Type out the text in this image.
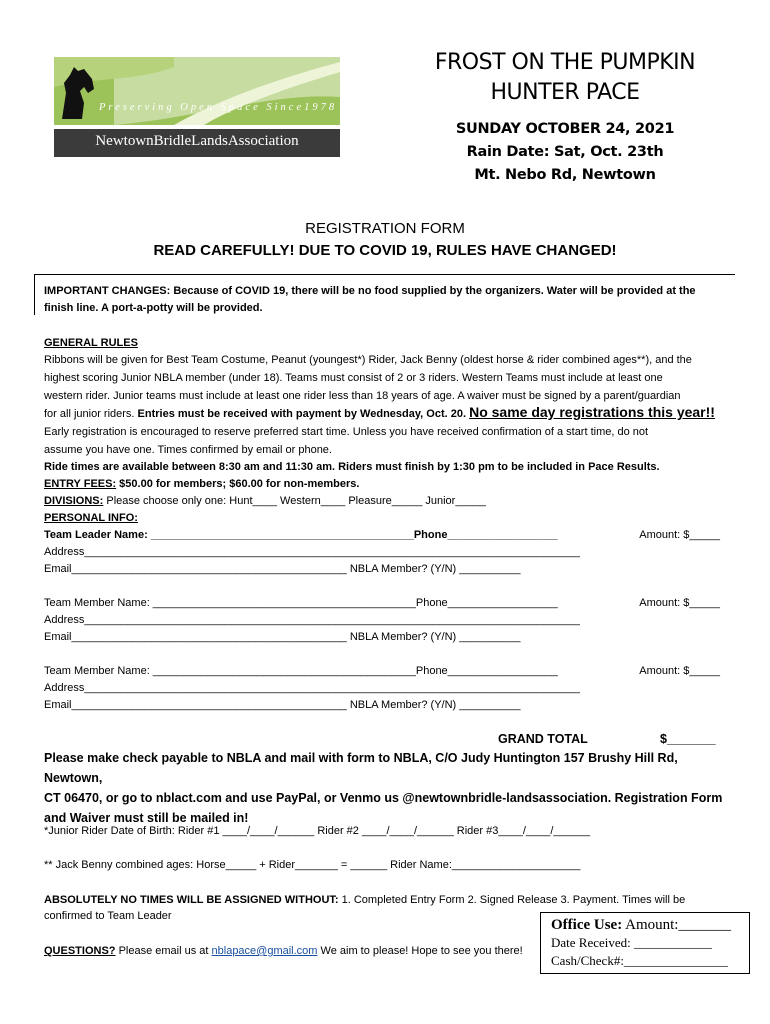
Preserving Open Space Since1978
NewtownBridleLandsAssociation
FROST ON THE PUMPKIN
HUNTER PACE
SUNDAY OCTOBER 24, 2021
Rain Date: Sat, Oct. 23th
Mt. Nebo Rd, Newtown
REGISTRATION FORM
READ CAREFULLY! DUE TO COVID 19, RULES HAVE CHANGED!
IMPORTANT CHANGES: Because of COVID 19, there will be no food supplied by the organizers. Water will be provided at the
finish line. A port-a-potty will be provided.
GENERAL RULES
Ribbons will be given for Best Team Costume, Peanut (youngest*) Rider, Jack Benny (oldest horse & rider combined ages**), and the
highest scoring Junior NBLA member (under 18). Teams must consist of 2 or 3 riders. Western Teams must include at least one
western rider. Junior teams must include at least one rider less than 18 years of age. A waiver must be signed by a parent/guardian
for all junior riders. Entries must be received with payment by Wednesday, Oct. 20. No same day registrations this year!!
Early registration is encouraged to reserve preferred start time. Unless you have received confirmation of a start time, do not
assume you have one. Times confirmed by email or phone.
Ride times are available between 8:30 am and 11:30 am. Riders must finish by 1:30 pm to be included in Pace Results.
ENTRY FEES: $50.00 for members; $60.00 for non-members.
DIVISIONS: Please choose only one: Hunt____ Western____ Pleasure_____ Junior_____
PERSONAL INFO:
Team Leader Name: ___________________________________________Phone__________________	Amount: $_____
Address_________________________________________________________________________________
Email_____________________________________________ NBLA Member? (Y/N) __________
Team Member Name: ___________________________________________Phone__________________	Amount: $_____
Address_________________________________________________________________________________
Email_____________________________________________ NBLA Member? (Y/N) __________
Team Member Name: ___________________________________________Phone__________________	Amount: $_____
Address_________________________________________________________________________________
Email_____________________________________________ NBLA Member? (Y/N) __________
GRAND TOTAL	$_______
Please make check payable to NBLA and mail with form to NBLA, C/O Judy Huntington 157 Brushy Hill Rd, Newtown,
CT 06470, or go to nblact.com and use PayPal, or Venmo us @newtownbridle-landsassociation. Registration Form
and Waiver must still be mailed in!
*Junior Rider Date of Birth: Rider #1 ____/____/______ Rider #2 ____/____/______ Rider #3____/____/______
** Jack Benny combined ages: Horse_____ + Rider_______ = ______ Rider Name:_____________________
ABSOLUTELY NO TIMES WILL BE ASSIGNED WITHOUT: 1. Completed Entry Form 2. Signed Release 3. Payment. Times will be
confirmed to Team Leader
QUESTIONS? Please email us at nblapace@gmail.com We aim to please! Hope to see you there!
Office Use: Amount:_______
Date Received: ____________
Cash/Check#:________________
